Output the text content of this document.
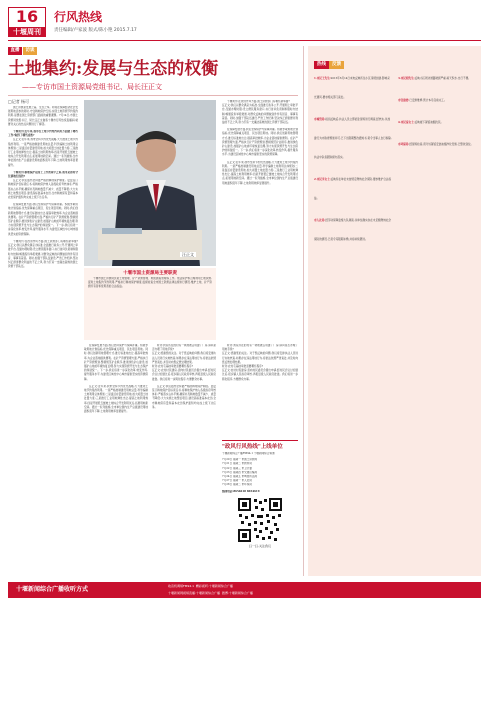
16
十堰周刊
行风热线
责任编辑/卢家波 版式/陈小艳 2015.7.17
直播	访谈
土地集约:发展与生态的权衡
——专访市国土资源局党组书记、局长汪正文
□记者 杨可

国土资源是发展之基、生态之本。如何在保障经济社会发展用地需求的同时,守住耕地保护红线,实现土地资源节约集约利用,是摆在国土资源部门面前的重要课题。7月14日,市国土资源局党组书记、局长汪正文做客十堰市行风热线直播间,就群众关心的热点问题进行了解答。

十堰周刊:近年来,我市在土地节约集约利用方面做了哪些工作?取得了哪些成效?

汪正文:近年来,我市坚持节约优先战略,大力推进土地节约集约利用。一是严格控制建设用地总量,科学编制土地利用总体规划;二是盘活存量建设用地,加大闲置土地处置力度;三是推行工业用地弹性出让,提高土地利用效率;四是开展低丘缓坡土地综合开发利用试点,拓展用地新空间。通过一系列措施,全市单位国内生产总值建设用地面积逐年下降,土地利用效率显著提升。

十堰周刊:耕地保护是国土工作的重中之重,我市是如何守住耕地红线的?

汪正文:我们始终坚持最严格的耕地保护制度。层层签订耕地保护目标责任书,将耕地保护纳入各级政府考核体系;严格落实占补平衡,确保补充耕地数量不减少、质量不降低;大力实施土地整治项目,建设高标准基本农田,全市耕地保有量和基本农田保护面积均完成上级下达任务。

在保障发展方面,我们坚持保护与保障并重。积极争取用地计划指标,优先保障重点项目、民生项目用地。同时,我们创新用地管理方式,推行标准地出让,提高审批效率,为企业落地提供便利。在矿产资源管理方面,严格执行矿产资源规划,整顿规范矿业秩序,推进绿色矿山建设,加强矿山地质环境恢复治理,努力实现资源开发与生态保护的和谐统一。下一步,我们将进一步深化改革,转变作风,提升服务水平,为建设区域性中心城市提供坚实的资源保障。

十堰周刊:在改进作风方面,国土资源部门有哪些新举措? 汪正文:我们以群众满意为标准,全面推行政务公开,开通网上审批平台,压缩办理时限;设立便民服务窗口,实行首问负责制和限时办结制;畅通投诉举报渠道,对群众反映的问题做到件件有回音、事事有着落。同时,加强干部队伍建设,严肃工作纪律,坚决纠正损害群众利益的不正之风,努力打造一支廉洁高效的国土资源干部队伍。

汪正文
十堰市国土资源局主要职责

十堰市国土资源局负责土地管理、矿产资源管理、地质勘查管理等工作。依法保护和合理利用土地资源,促进土地集约节约利用,严格执行耕地保护制度,监督检查全市国土资源法律法规执行情况,维护土地、矿产资源所有者和使用者的合法权益。

在保障发展方面,我们坚持保护与保障并重。积极争取用地计划指标,优先保障重点项目、民生项目用地。同时,我们创新用地管理方式,推行标准地出让,提高审批效率,为企业落地提供便利。在矿产资源管理方面,严格执行矿产资源规划,整顿规范矿业秩序,推进绿色矿山建设,加强矿山地质环境恢复治理,努力实现资源开发与生态保护的和谐统一。下一步,我们将进一步深化改革,转变作风,提升服务水平,为建设区域性中心城市提供坚实的资源保障。

汪正文:近年来,我市坚持节约优先战略,大力推进土地节约集约利用。一是严格控制建设用地总量,科学编制土地利用总体规划;二是盘活存量建设用地,加大闲置土地处置力度;三是推行工业用地弹性出让,提高土地利用效率;四是开展低丘缓坡土地综合开发利用试点,拓展用地新空间。通过一系列措施,全市单位国内生产总值建设用地面积逐年下降,土地利用效率显著提升。

听众:我家所在的村有一块地被占用建了厂房,请问是否办理了用地手续?
汪正文:感谢您的关注。对于您反映的问题,我们将安排执法人员进行实地核查,如果存在违法用地行为,将依法依规严肃查处,并及时向您反馈处理结果。
听众:农村宅基地审批需要哪些程序?
汪正文:农村村民建房,需向村民委员会提出申请,经村民会议讨论通过后,报乡镇人民政府审核,再报县级人民政府批准。我们将进一步简化程序,方便群众办事。

汪正文:我们始终坚持最严格的耕地保护制度。层层签订耕地保护目标责任书,将耕地保护纳入各级政府考核体系;严格落实占补平衡,确保补充耕地数量不减少、质量不降低;大力实施土地整治项目,建设高标准基本农田,全市耕地保有量和基本农田保护面积均完成上级下达任务。

十堰周刊:在改进作风方面,国土资源部门有哪些新举措?
汪正文:我们以群众满意为标准,全面推行政务公开,开通网上审批平台,压缩办理时限;设立便民服务窗口,实行首问负责制和限时办结制;畅通投诉举报渠道,对群众反映的问题做到件件有回音、事事有着落。同时,加强干部队伍建设,严肃工作纪律,坚决纠正损害群众利益的不正之风,努力打造一支廉洁高效的国土资源干部队伍。

在保障发展方面,我们坚持保护与保障并重。积极争取用地计划指标,优先保障重点项目、民生项目用地。同时,我们创新用地管理方式,推行标准地出让,提高审批效率,为企业落地提供便利。在矿产资源管理方面,严格执行矿产资源规划,整顿规范矿业秩序,推进绿色矿山建设,加强矿山地质环境恢复治理,努力实现资源开发与生态保护的和谐统一。下一步,我们将进一步深化改革,转变作风,提升服务水平,为建设区域性中心城市提供坚实的资源保障。

汪正文:近年来,我市坚持节约优先战略,大力推进土地节约集约利用。一是严格控制建设用地总量,科学编制土地利用总体规划;二是盘活存量建设用地,加大闲置土地处置力度;三是推行工业用地弹性出让,提高土地利用效率;四是开展低丘缓坡土地综合开发利用试点,拓展用地新空间。通过一系列措施,全市单位国内生产总值建设用地面积逐年下降,土地利用效率显著提升。

听众:我家所在的村有一块地被占用建了厂房,请问是否办理了用地手续?
汪正文:感谢您的关注。对于您反映的问题,我们将安排执法人员进行实地核查,如果存在违法用地行为,将依法依规严肃查处,并及时向您反馈处理结果。
听众:农村宅基地审批需要哪些程序?
汪正文:农村村民建房,需向村民委员会提出申请,经村民会议讨论通过后,报乡镇人民政府审核,再报县级人民政府批准。我们将进一步简化程序,方便群众办事。

"政风行风热线"上线单位
十堰新闻综合广播FM94.1 十堰新闻综合频道
7月20日 星期一 市国土资源局
7月21日 星期二 市教育局
7月22日 星期三 市卫计委
7月23日 星期四 市交通运输局
7月24日 星期五 市城管执法局
7月27日 星期一 市人社局
7月28日 星期二 市环保局
热线电话:8654618 8654619
扫一扫,关注我们
热线 反馈
1.市民王先生:2015年6月14日来电反映所住小区违规加建,影响采光通风,要求相关部门查处。
市城管局:接到反映后,执法人员立即赶赴现场进行调查,经核实,该加建行为未取得规划许可,已下达限期整改通知书,责令当事人自行拆除,执法中队将跟踪督办落实。
2.市民李女士:反映所在单位未按规定缴纳社会保险,要求维护合法权益。
市人社局:经劳动保障监察大队调查,该单位确实存在未足额缴纳社会保险的情况,已责令其限期补缴,并将持续跟进。
3.市民胡先生:反映小区周边道路破损严重,雨天积水,出行不便。
市住建委:已安排维修,预计本月底前完工。
4.市民秦女士:反映楼下餐馆油烟扰民。
市环保局:经现场检查,责令该餐馆安装油烟净化设施,已整改到位。
十堰新闻综合广播收听方式	收音机调频FM94.1  精彩视听:十堰新闻综合广播
十堰新闻网视频直播:十堰新闻综合广播  微博:十堰新闻综合广播
